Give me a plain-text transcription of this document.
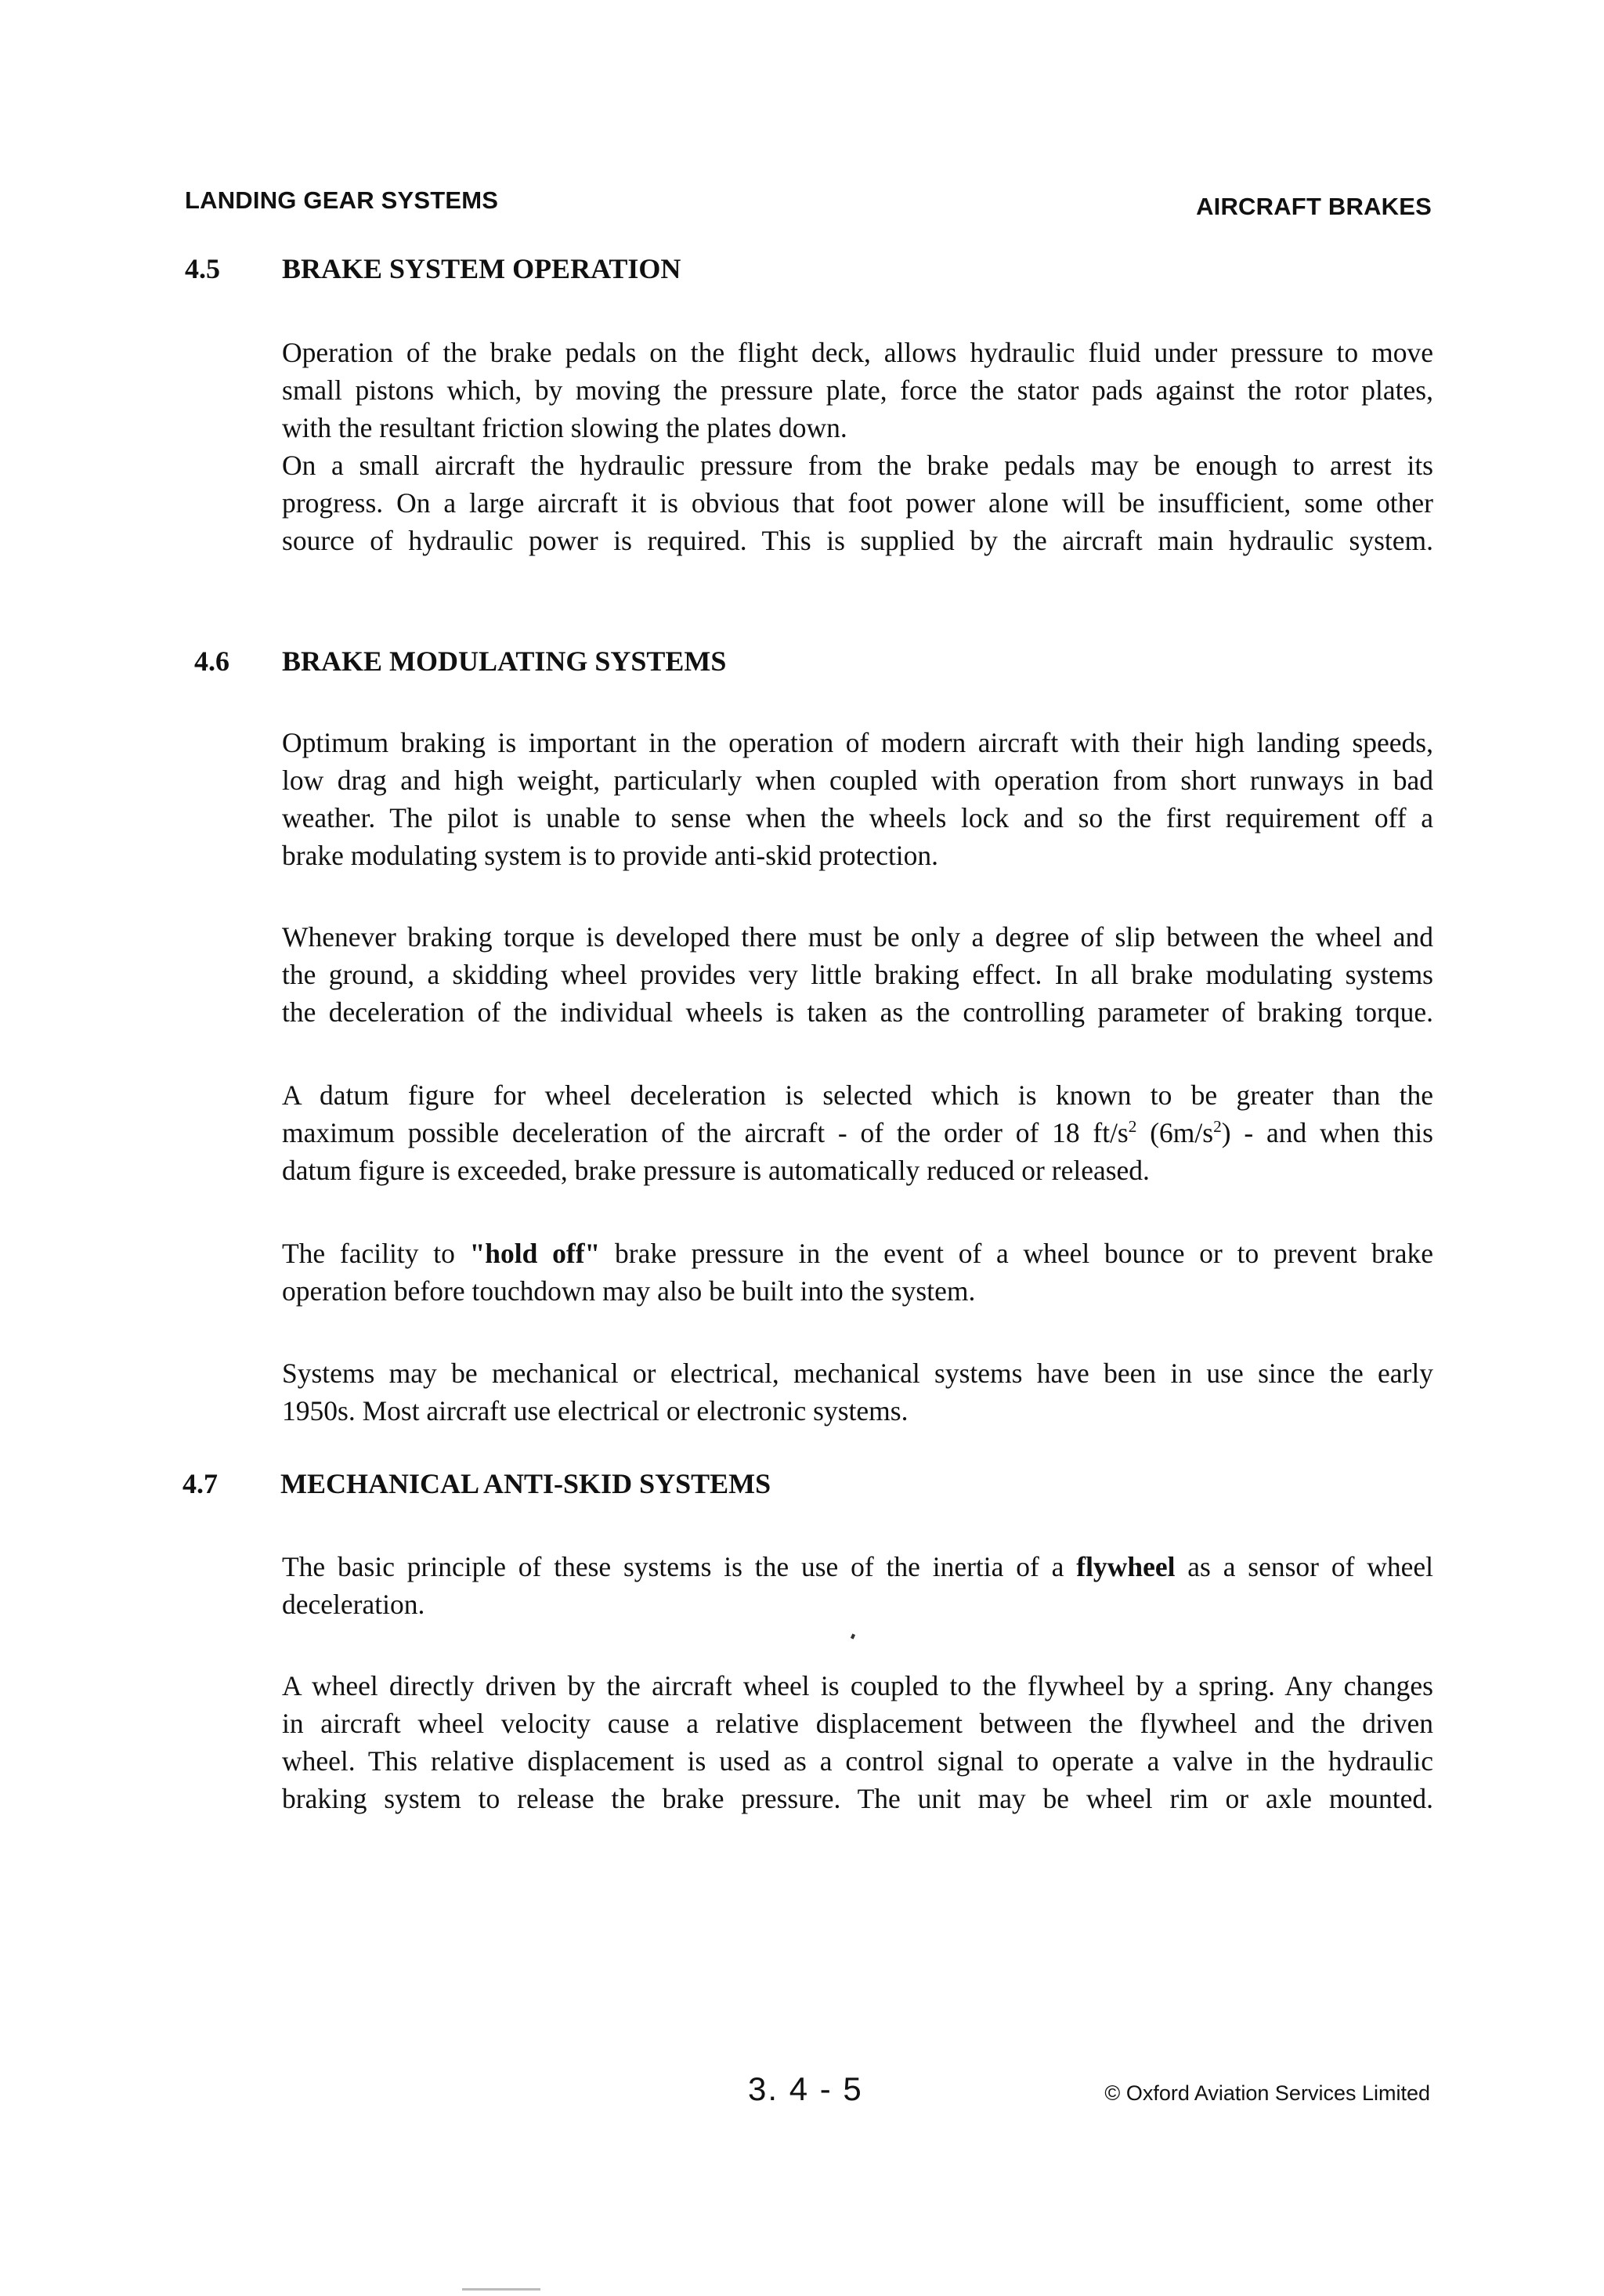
LANDING GEAR SYSTEMS	AIRCRAFT BRAKES
4.5 BRAKE SYSTEM OPERATION
Operation of the brake pedals on the flight deck, allows hydraulic fluid under pressure to move
small pistons which, by moving the pressure plate, force the stator pads against the rotor plates,
with the resultant friction slowing the plates down.
On a small aircraft the hydraulic pressure from the brake pedals may be enough to arrest its
progress. On a large aircraft it is obvious that foot power alone will be insufficient, some other
source of hydraulic power is required. This is supplied by the aircraft main hydraulic system.
4.6 BRAKE MODULATING SYSTEMS
Optimum braking is important in the operation of modern aircraft with their high landing speeds,
low drag and high weight, particularly when coupled with operation from short runways in bad
weather. The pilot is unable to sense when the wheels lock and so the first requirement off a
brake modulating system is to provide anti-skid protection.
Whenever braking torque is developed there must be only a degree of slip between the wheel and
the ground, a skidding wheel provides very little braking effect. In all brake modulating systems
the deceleration of the individual wheels is taken as the controlling parameter of braking torque.
A datum figure for wheel deceleration is selected which is known to be greater than the
maximum possible deceleration of the aircraft - of the order of 18 $ft/s^2$ $(6m/s^2)$ - and when this
datum figure is exceeded, brake pressure is automatically reduced or released.
The facility to "hold off" brake pressure in the event of a wheel bounce or to prevent brake
operation before touchdown may also be built into the system.
Systems may be mechanical or electrical, mechanical systems have been in use since the early
1950s. Most aircraft use electrical or electronic systems.
4.7 MECHANICAL ANTI-SKID SYSTEMS
The basic principle of these systems is the use of the inertia of a flywheel as a sensor of wheel
deceleration.
A wheel directly driven by the aircraft wheel is coupled to the flywheel by a spring. Any changes
in aircraft wheel velocity cause a relative displacement between the flywheel and the driven
wheel. This relative displacement is used as a control signal to operate a valve in the hydraulic
braking system to release the brake pressure. The unit may be wheel rim or axle mounted.
3. 4 - 5	© Oxford Aviation Services Limited
